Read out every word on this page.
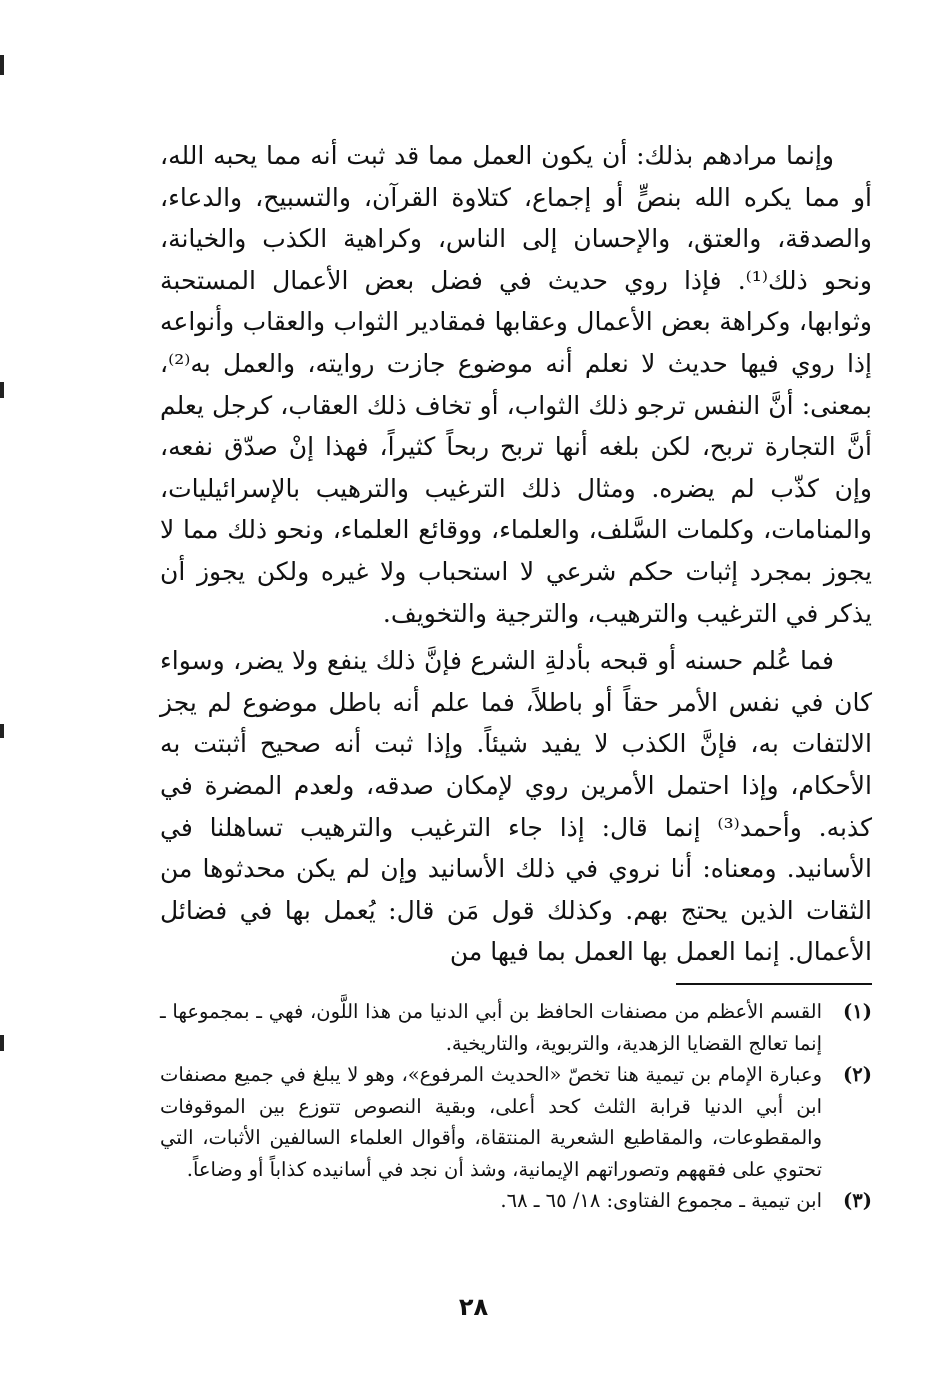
وإنما مرادهم بذلك: أن يكون العمل مما قد ثبت أنه مما يحبه الله، أو مما يكره الله بنصٍّ أو إجماع، كتلاوة القرآن، والتسبيح، والدعاء، والصدقة، والعتق، والإحسان إلى الناس، وكراهية الكذب والخيانة، ونحو ذلك⁽¹⁾. فإذا روي حديث في فضل بعض الأعمال المستحبة وثوابها، وكراهة بعض الأعمال وعقابها فمقادير الثواب والعقاب وأنواعه إذا روي فيها حديث لا نعلم أنه موضوع جازت روايته، والعمل به⁽²⁾، بمعنى: أنَّ النفس ترجو ذلك الثواب، أو تخاف ذلك العقاب، كرجل يعلم أنَّ التجارة تربح، لكن بلغه أنها تربح ربحاً كثيراً، فهذا إنْ صدّق نفعه، وإن كذّب لم يضره. ومثال ذلك الترغيب والترهيب بالإسرائيليات، والمنامات، وكلمات السَّلف، والعلماء، ووقائع العلماء، ونحو ذلك مما لا يجوز بمجرد إثبات حكم شرعي لا استحباب ولا غيره ولكن يجوز أن يذكر في الترغيب والترهيب، والترجية والتخويف.

فما عُلم حسنه أو قبحه بأدلةِ الشرع فإنَّ ذلك ينفع ولا يضر، وسواء كان في نفس الأمر حقاً أو باطلاً، فما علم أنه باطل موضوع لم يجز الالتفات به، فإنَّ الكذب لا يفيد شيئاً. وإذا ثبت أنه صحيح أثبتت به الأحكام، وإذا احتمل الأمرين روي لإمكان صدقه، ولعدم المضرة في كذبه. وأحمد⁽³⁾ إنما قال: إذا جاء الترغيب والترهيب تساهلنا في الأسانيد. ومعناه: أنا نروي في ذلك الأسانيد وإن لم يكن محدثوها من الثقات الذين يحتج بهم. وكذلك قول مَن قال: يُعمل بها في فضائل الأعمال. إنما العمل بها العمل بما فيها من

(١)
القسم الأعظم من مصنفات الحافظ بن أبي الدنيا من هذا اللَّون، فهي ـ بمجموعها ـ إنما تعالج القضايا الزهدية، والتربوية، والتاريخية.
(٢)
وعبارة الإمام بن تيمية هنا تخصّ «الحديث المرفوع»، وهو لا يبلغ في جميع مصنفات ابن أبي الدنيا قرابة الثلث كحد أعلى، وبقية النصوص تتوزع بين الموقوفات والمقطوعات، والمقاطيع الشعرية المنتقاة، وأقوال العلماء السالفين الأثبات، التي تحتوي على فقههم وتصوراتهم الإيمانية، وشذ أن نجد في أسانيده كذاباً أو وضاعاً.
(٣)
ابن تيمية ـ مجموع الفتاوى: ١٨/ ٦٥ ـ ٦٨.
٢٨
